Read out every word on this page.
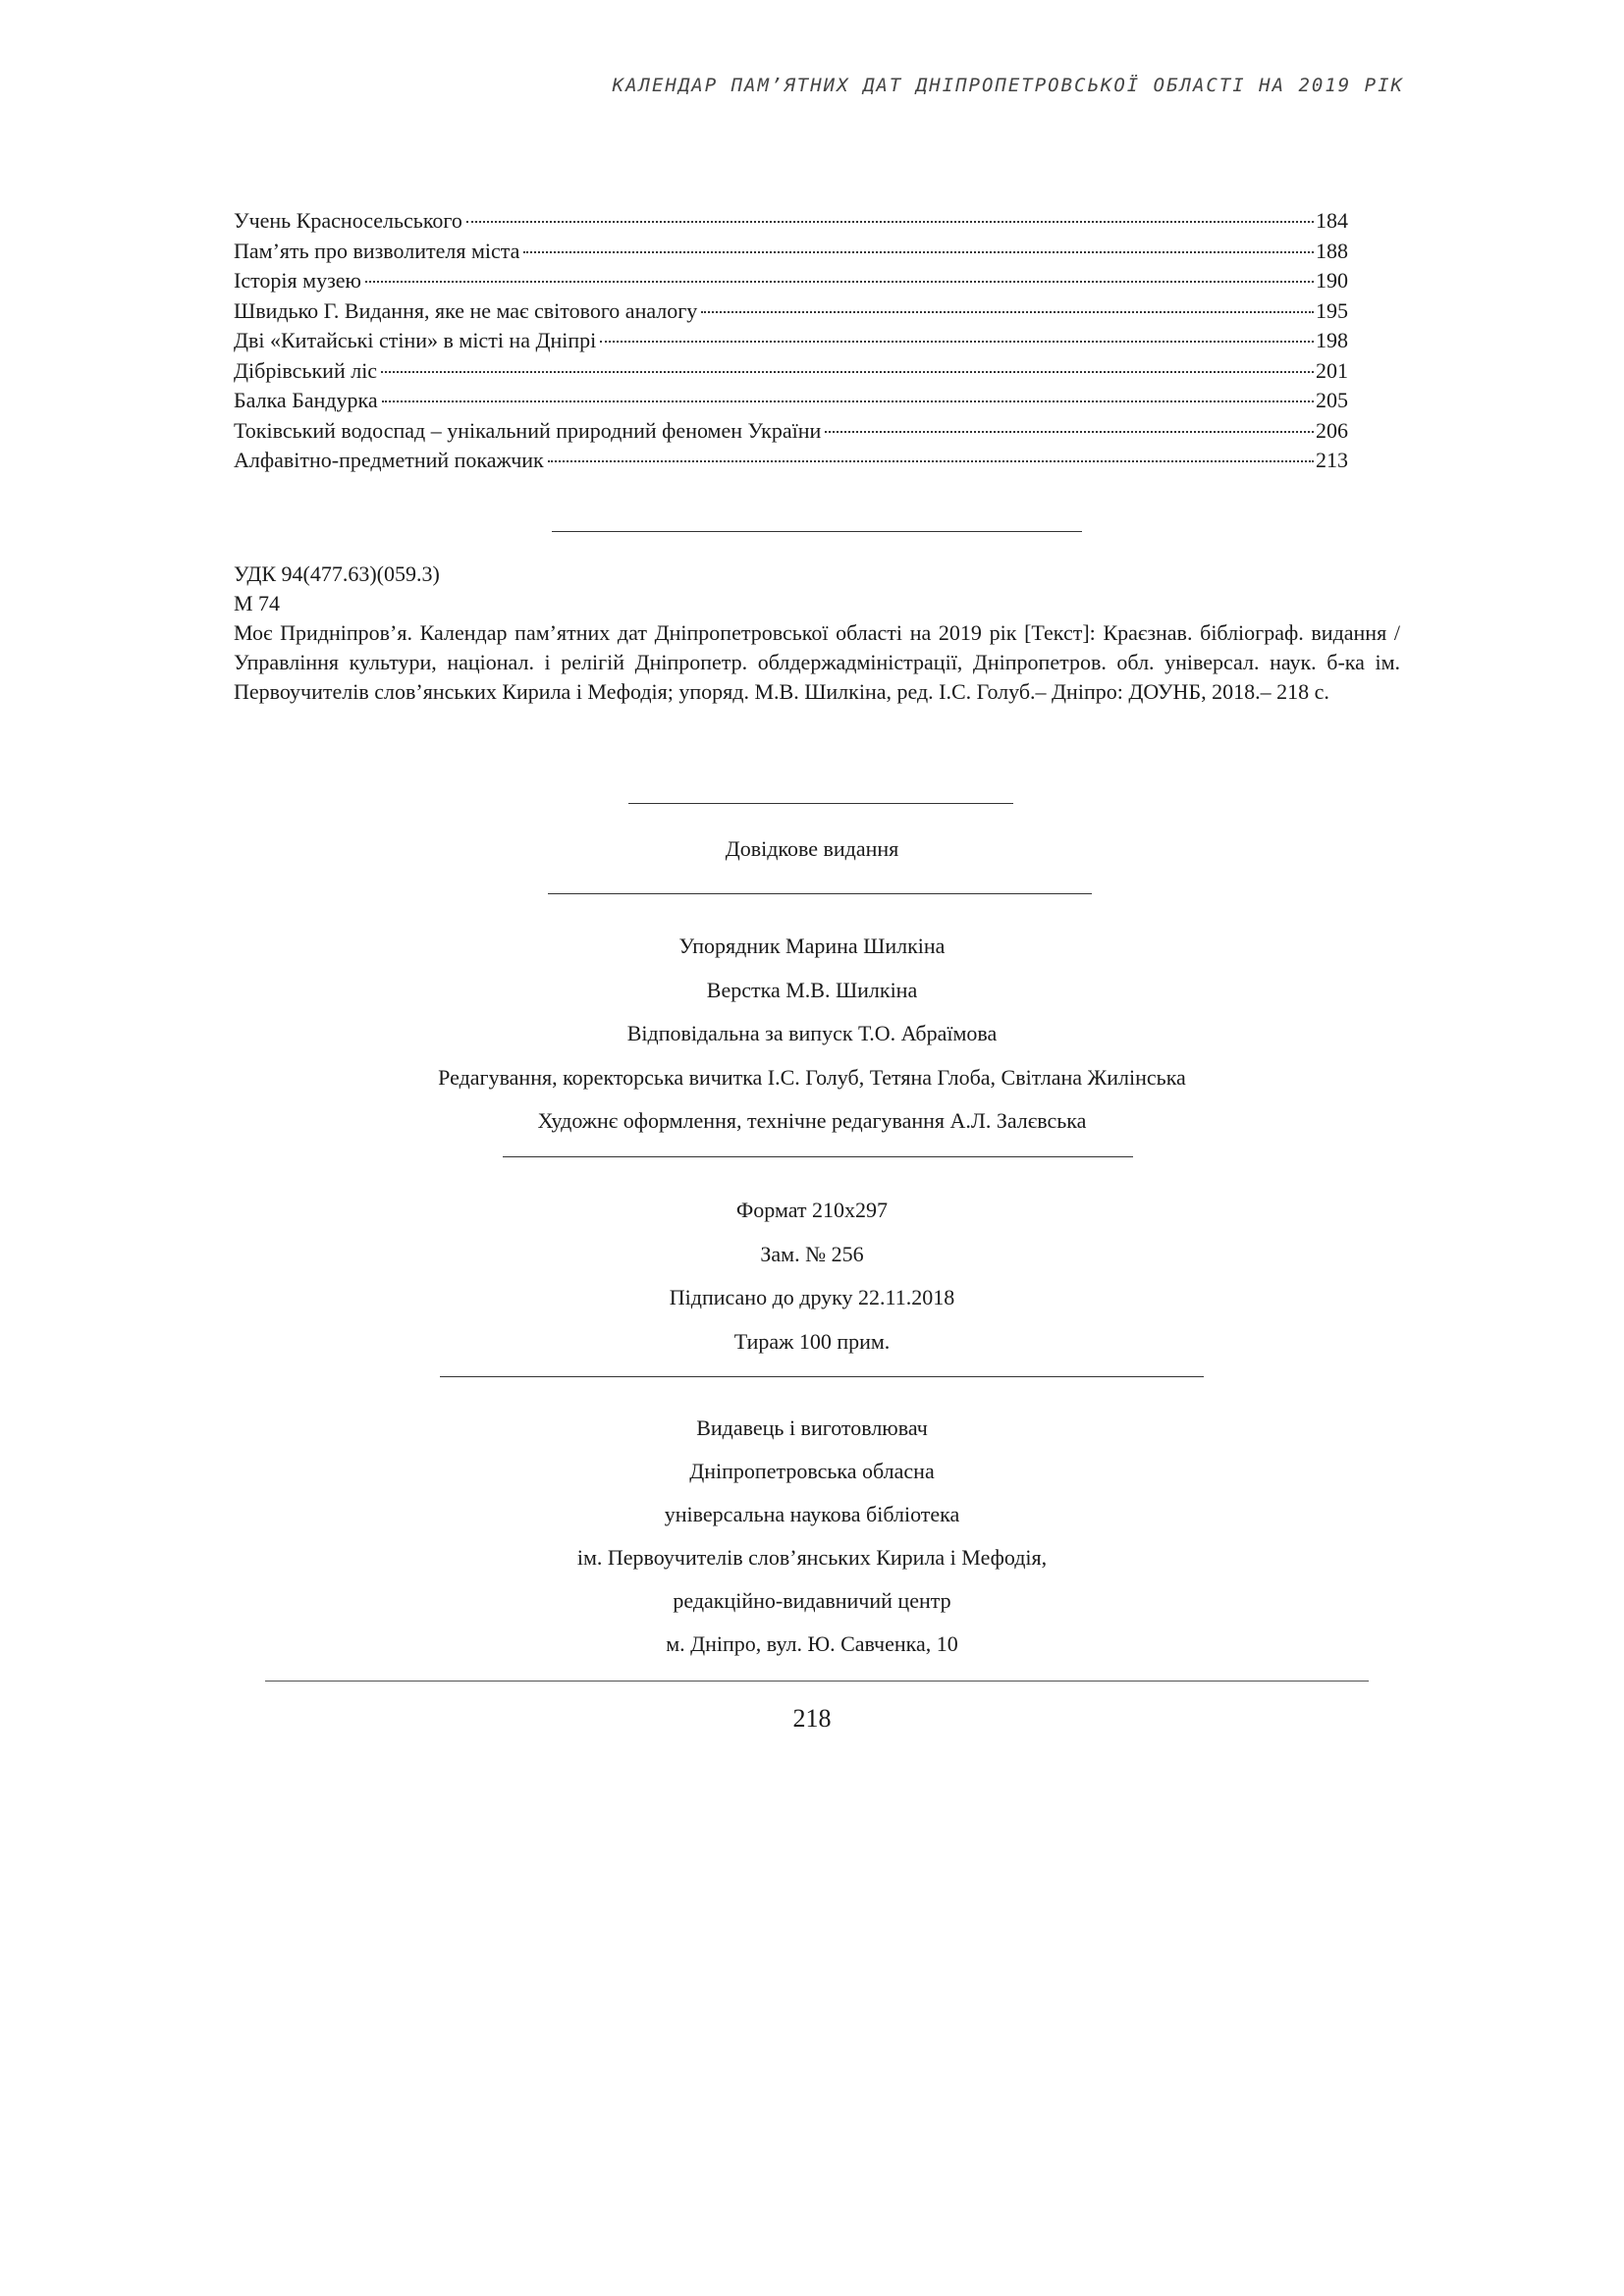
КАЛЕНДАР ПАМ’ЯТНИХ ДАТ ДНІПРОПЕТРОВСЬКОЇ ОБЛАСТІ НА 2019 РІК
Учень Красносельського	184
Пам’ять про визволителя міста	188
Історія музею	190
Швидько Г. Видання, яке не має світового аналогу	195
Дві «Китайські стіни» в місті на Дніпрі	198
Дібрівський ліс	201
Балка Бандурка	205
Токівський водоспад – унікальний природний феномен України	206
Алфавітно-предметний покажчик	213

УДК 94(477.63)(059.3)

М 74

Моє Придніпров’я. Календар пам’ятних дат Дніпропетровської області на 2019 рік [Текст]: Краєзнав. бібліограф. видання / Управління культури, націонал. і релігій Дніпропетр. облдержадміністрації, Дніпропетров. обл. універсал. наук. б-ка ім. Первоучителів слов’янських Кирила і Мефодія; упоряд. М.В. Шилкіна, ред. І.С. Голуб.– Дніпро: ДОУНБ, 2018.– 218 с.

Довідкове видання

Упорядник Марина Шилкіна

Верстка М.В. Шилкіна

Відповідальна за випуск Т.О. Абраїмова

Редагування, коректорська вичитка І.С. Голуб, Тетяна Глоба, Світлана Жилінська

Художнє оформлення, технічне редагування А.Л. Залєвська

Формат 210х297

Зам. № 256

Підписано до друку 22.11.2018

Тираж 100 прим.

Видавець і виготовлювач

Дніпропетровська обласна

універсальна наукова бібліотека

ім. Первоучителів слов’янських Кирила і Мефодія,

редакційно-видавничий центр

м. Дніпро, вул. Ю. Савченка, 10

218
